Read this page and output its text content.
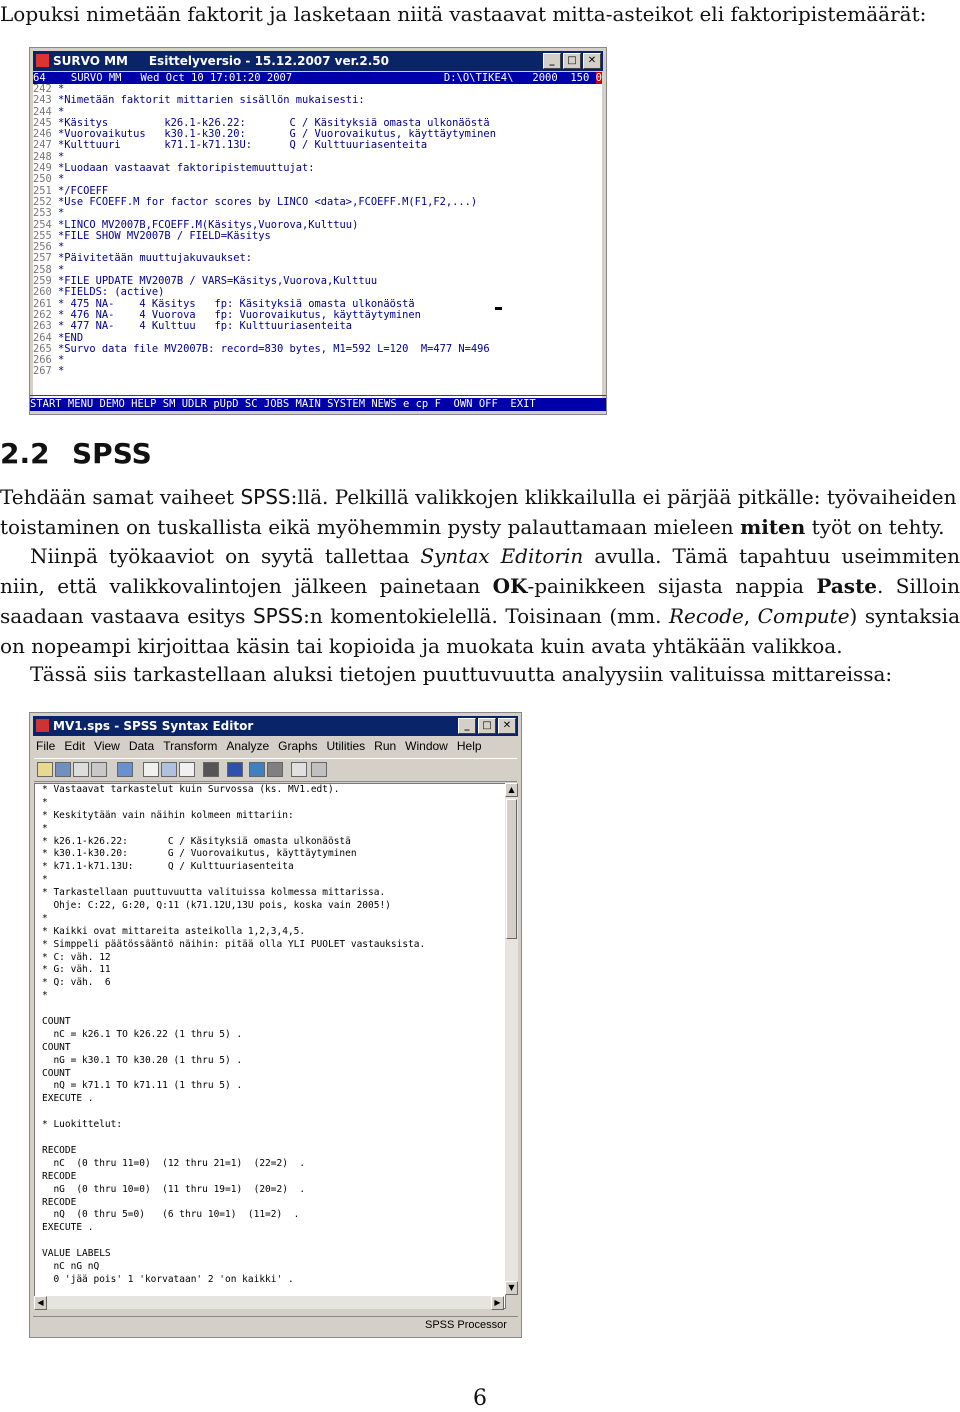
Lopuksi nimetään faktorit ja lasketaan niitä vastaavat mitta-asteikot eli faktoripistemäärät:
SURVO MM Esittelyversio - 15.12.2007 ver.2.50	_ □ ✕
64    SURVO MM   Wed Oct 10 17:01:20 2007                        D:\O\TIKE4\   2000  150 0
242 *
243 *Nimetään faktorit mittarien sisällön mukaisesti:
244 *
245 *Käsitys         k26.1-k26.22:       C / Käsityksiä omasta ulkonäöstä
246 *Vuorovaikutus   k30.1-k30.20:       G / Vuorovaikutus, käyttäytyminen
247 *Kulttuuri       k71.1-k71.13U:      Q / Kulttuuriasenteita
248 *
249 *Luodaan vastaavat faktoripistemuuttujat:
250 *
251 */FCOEFF
252 *Use FCOEFF.M for factor scores by LINCO <data>,FCOEFF.M(F1,F2,...)
253 *
254 *LINCO MV2007B,FCOEFF.M(Käsitys,Vuorova,Kulttuu)
255 *FILE SHOW MV2007B / FIELD=Käsitys
256 *
257 *Päivitetään muuttujakuvaukset:
258 *
259 *FILE UPDATE MV2007B / VARS=Käsitys,Vuorova,Kulttuu
260 *FIELDS: (active)
261 * 475 NA-    4 Käsitys   fp: Käsityksiä omasta ulkonäöstä
262 * 476 NA-    4 Vuorova   fp: Vuorovaikutus, käyttäytyminen
263 * 477 NA-    4 Kulttuu   fp: Kulttuuriasenteita
264 *END
265 *Survo data file MV2007B: record=830 bytes, M1=592 L=120  M=477 N=496
266 *
267 *
START MENU DEMO HELP SM UDLR pUpD SC JOBS MAIN SYSTEM NEWS e cp F  OWN OFF  EXIT
2.2 SPSS
Tehdään samat vaiheet SPSS:llä. Pelkillä valikkojen klikkailulla ei pärjää pitkälle: työvaiheiden toistaminen on tuskallista eikä myöhemmin pysty palauttamaan mieleen miten työt on tehty.
Niinpä työkaaviot on syytä tallettaa Syntax Editorin avulla. Tämä tapahtuu useimmiten niin, että valikkovalintojen jälkeen painetaan OK-painikkeen sijasta nappia Paste. Silloin saadaan vastaava esitys SPSS:n komentokielellä. Toisinaan (mm. Recode, Compute) syntaksia on nopeampi kirjoittaa käsin tai kopioida ja muokata kuin avata yhtäkään valikkoa.
Tässä siis tarkastellaan aluksi tietojen puuttuvuutta analyysiin valituissa mittareissa:
MV1.sps - SPSS Syntax Editor	_ □ ✕
File Edit View Data Transform Analyze Graphs Utilities Run Window Help
* Vastaavat tarkastelut kuin Survossa (ks. MV1.edt).
*
* Keskitytään vain näihin kolmeen mittariin:
*
* k26.1-k26.22:       C / Käsityksiä omasta ulkonäöstä
* k30.1-k30.20:       G / Vuorovaikutus, käyttäytyminen
* k71.1-k71.13U:      Q / Kulttuuriasenteita
*
* Tarkastellaan puuttuvuutta valituissa kolmessa mittarissa.
Ohje: C:22, G:20, Q:11 (k71.12U,13U pois, koska vain 2005!)
*
* Kaikki ovat mittareita asteikolla 1,2,3,4,5.
* Simppeli päätössääntö näihin: pitää olla YLI PUOLET vastauksista.
* C: väh. 12
* G: väh. 11
* Q: väh.  6
*
COUNT
nC = k26.1 TO k26.22 (1 thru 5) .
COUNT
nG = k30.1 TO k30.20 (1 thru 5) .
COUNT
nQ = k71.1 TO k71.11 (1 thru 5) .
EXECUTE .
* Luokittelut:
RECODE
nC  (0 thru 11=0)  (12 thru 21=1)  (22=2)  .
RECODE
nG  (0 thru 10=0)  (11 thru 19=1)  (20=2)  .
RECODE
nQ  (0 thru 5=0)   (6 thru 10=1)  (11=2)  .
EXECUTE .
VALUE LABELS
nC nG nQ
0 'jää pois' 1 'korvataan' 2 'on kaikki' .
▲
▼
◀	▶
SPSS Processor
6
